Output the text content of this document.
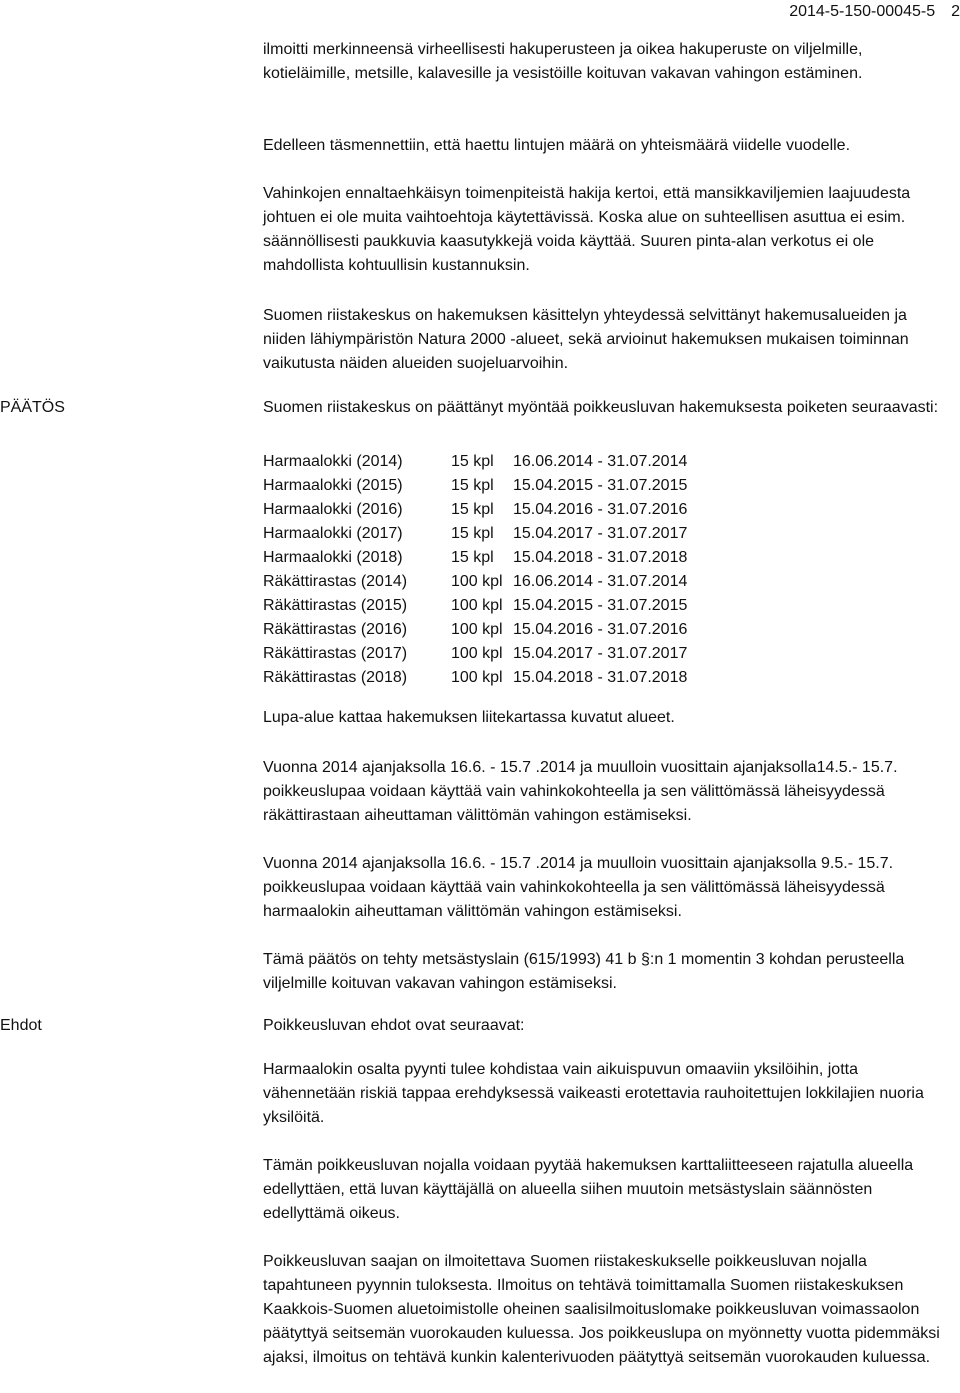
2014-5-150-00045-5 2

ilmoitti merkinneensä virheellisesti hakuperusteen ja oikea hakuperuste on viljelmille, kotieläimille, metsille, kalavesille ja vesistöille koituvan vakavan vahingon estäminen.

Edelleen täsmennettiin, että haettu lintujen määrä on yhteismäärä viidelle vuodelle.

Vahinkojen ennaltaehkäisyn toimenpiteistä hakija kertoi, että mansikkaviljemien laajuudesta johtuen ei ole muita vaihtoehtoja käytettävissä. Koska alue on suhteellisen asuttua ei esim. säännöllisesti paukkuvia kaasutykkejä voida käyttää. Suuren pinta-alan verkotus ei ole mahdollista kohtuullisin kustannuksin.

Suomen riistakeskus on hakemuksen käsittelyn yhteydessä selvittänyt hakemusalueiden ja niiden lähiympäristön Natura 2000 -alueet, sekä arvioinut hakemuksen mukaisen toiminnan vaikutusta näiden alueiden suojeluarvoihin.

PÄÄTÖS	Suomen riistakeskus on päättänyt myöntää poikkeusluvan hakemuksesta poiketen seuraavasti:

Harmaalokki (2014)	15 kpl	16.06.2014 - 31.07.2014
Harmaalokki (2015)	15 kpl	15.04.2015 - 31.07.2015
Harmaalokki (2016)	15 kpl	15.04.2016 - 31.07.2016
Harmaalokki (2017)	15 kpl	15.04.2017 - 31.07.2017
Harmaalokki (2018)	15 kpl	15.04.2018 - 31.07.2018
Räkättirastas (2014)	100 kpl 16.06.2014 - 31.07.2014
Räkättirastas (2015)	100 kpl 15.04.2015 - 31.07.2015
Räkättirastas (2016)	100 kpl 15.04.2016 - 31.07.2016
Räkättirastas (2017)	100 kpl 15.04.2017 - 31.07.2017
Räkättirastas (2018)	100 kpl 15.04.2018 - 31.07.2018

Lupa-alue kattaa hakemuksen liitekartassa kuvatut alueet.

Vuonna 2014 ajanjaksolla 16.6. - 15.7 .2014 ja muulloin vuosittain ajanjaksolla14.5.- 15.7. poikkeuslupaa voidaan käyttää vain vahinkokohteella ja sen välittömässä läheisyydessä räkättirastaan aiheuttaman välittömän vahingon estämiseksi.

Vuonna 2014 ajanjaksolla 16.6. - 15.7 .2014 ja muulloin vuosittain ajanjaksolla 9.5.- 15.7. poikkeuslupaa voidaan käyttää vain vahinkokohteella ja sen välittömässä läheisyydessä harmaalokin aiheuttaman välittömän vahingon estämiseksi.

Tämä päätös on tehty metsästyslain (615/1993) 41 b §:n 1 momentin 3 kohdan perusteella viljelmille koituvan vakavan vahingon estämiseksi.

Ehdot	Poikkeusluvan ehdot ovat seuraavat:

Harmaalokin osalta pyynti tulee kohdistaa vain aikuispuvun omaaviin yksilöihin, jotta vähennetään riskiä tappaa erehdyksessä vaikeasti erotettavia rauhoitettujen lokkilajien nuoria yksilöitä.

Tämän poikkeusluvan nojalla voidaan pyytää hakemuksen karttaliitteeseen rajatulla alueella edellyttäen, että luvan käyttäjällä on alueella siihen muutoin metsästyslain säännösten edellyttämä oikeus.

Poikkeusluvan saajan on ilmoitettava Suomen riistakeskukselle poikkeusluvan nojalla tapahtuneen pyynnin tuloksesta. Ilmoitus on tehtävä toimittamalla Suomen riistakeskuksen Kaakkois-Suomen aluetoimistolle oheinen saalisilmoituslomake poikkeusluvan voimassaolon päätyttyä seitsemän vuorokauden kuluessa. Jos poikkeuslupa on myönnetty vuotta pidemmäksi ajaksi, ilmoitus on tehtävä kunkin kalenterivuoden päätyttyä seitsemän vuorokauden kuluessa.
